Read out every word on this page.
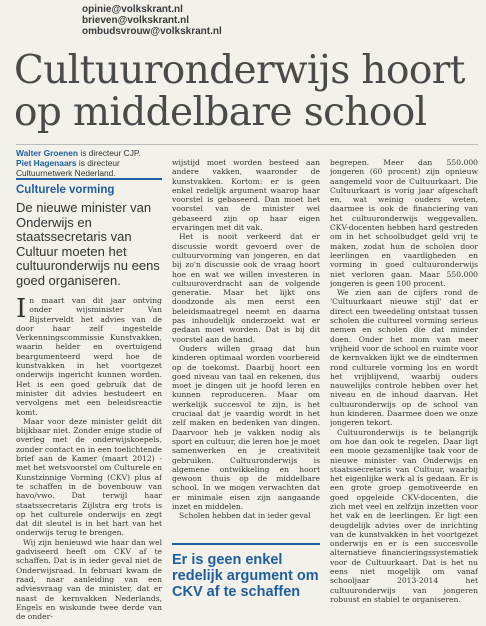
opinie@volkskrant.nl
brieven@volkskrant.nl
ombudsvrouw@volkskrant.nl
Cultuuronderwijs hoort op middelbare school
Walter Groenen is directeur CJP.
Piet Hagenaars is directeur Cultuurnetwerk Nederland.
Culturele vorming

De nieuwe minister van Onderwijs en staatssecretaris van Cultuur moeten het cultuuronderwijs nu eens goed organiseren.

In maart van dit jaar ontving onder wijsminister Van Bijsterveldt het advies van de door haar zelf ingestelde Verkenningscommissie Kunstvakken, waarin helder en overtuigend beargumenteerd werd hoe de kunstvakken in het voortgezet onderwijs ingericht kunnen worden. Het is een goed gebruik dat de minister dit advies bestudeert en vervolgens met een beleidsreactie komt.

Maar voor deze minister geldt dit blijkbaar niet. Zonder enige studie of overleg met de onderwijskoepels, zonder contact en in een toelichtende brief aan de Kamer (maart 2012) - met het wetsvoorstel om Culturele en Kunstzinnige Vorming (CKV) plus af te schaffen in de bovenbouw van havo/vwo. Dat terwijl haar staatssecretaris Zijlstra erg trots is op het culturele onderwijs en zegt dat dit sleutel is in het hart van het onderwijs terug te brengen.

Wij zijn benieuwd wie haar dan wel gadviseerd heeft om CKV af te schaffen. Dat is in ieder geval niet de Onderwijsraad. In februari kwam de raad, naar aanleiding van een adviesvraag van de minister, dat er naast de kernvakken Nederlands, Engels en wiskunde twee derde van de onder-

wijstijd moet worden besteed aan andere vakken, waaronder de kunstvakken. Kortom: er is geen enkel redelijk argument waarop haar voorstel is gebaseerd. Dan moet het voorstel van de minister wel gebaseerd zijn op haar eigen ervaringen met dit vak.

Het is nooit verkeerd dat er discussie wordt gevoerd over de cultuurvorming van jongeren, en dat bij zo'n discussie ook de vraag hoort hoe en wat we willen investeren in cultuuroverdracht aan de volgende generatie. Maar het lijkt ons doodzonde als men eerst een beleidsmaatregel neemt en daarna pas inhoudelijk onderzoekt wat er gedaan moet worden. Dat is bij dit voorstel aan de hand.

Ouders willen graag dat hun kinderen optimaal worden voorbereid op de toekomst. Daarbij hoort een goed niveau van taal en rekenen, dus moet je dingen uit je hoofd leren en kunnen reproduceren. Maar om werkelijk succesvol te zijn, is het cruciaal dat je vaardig wordt in het zelf maken en bedenken van dingen. Daarvoor heb je vakken nodig als sport en cultuur, die leren hoe je moet samenwerken en je creativiteit gebruiken. Cultuuronderwijs is algemene ontwikkeling en hoort gewoon thuis op de middelbare school. In we mogen verwachten dat er minimale eisen zijn aangaande inzet en middelen.

Scholen hebben dat in ieder geval

Er is geen enkel redelijk argument om CKV af te schaffen

begrepen. Meer dan 550.000 jongeren (60 procent) zijn opnieuw aangemeld voor de Cultuurkaart. Die Cultuurkaart is vorig jaar afgeschaft en, wat weinig ouders weten, daarmee is ook de financiering van het cultuuronderwijs weggevallen. CKV-docenten hebben hard gestreden om in het schoolbudget geld vrij te maken, zodat hun de scholen door leerlingen en vaardigheden en vorming in goed cultuuronderwijs niet verloren gaan. Maar 550.000 jongeren is geen 100 procent.

We zien aan de cijfers rond de 'Cultuurkaart nieuwe stijl' dat er direct een tweedeling ontstaat tussen scholen die cultureel vorming serieus nemen en scholen die dat minder doen. Onder het mom van meer vrijheid voor de school en ruimte voor de kernvakken lijkt we de eindtermen rond culturele vorming los en wordt het vrijblijvend, waarbij ouders nauwelijks controle hebben over het niveau en de inhoud daarvan. Het cultuuronderwijs op de school van hun kinderen. Daarmee doen we onze jongeren tekort.

Cultuuronderwijs is te belangrijk om hoe dan ook te regelen. Daar ligt een mooie gezamenlijke taak voor de nieuwe minister van Onderwijs en staatssecretaris van Cultuur, waarbij het eigenlijke werk al is gedaan. Er is een grote groep gemotiveerde en goed opgeleide CKV-docenten, die zich met veel en zelfzijn inzetten voor het vak en de leerlingen. Er ligt een deugdelijk advies over de inrichting van de kunstvakken in het voortgezet onderwijs en er is een succesvolle alternatieve financieringssystematiek voor de Cultuurkaart. Dat is het nu eens niet mogelijk om vanaf schooljaar 2013-2014 het cultuuronderwijs van jongeren robuust en stabiel te organiseren.
